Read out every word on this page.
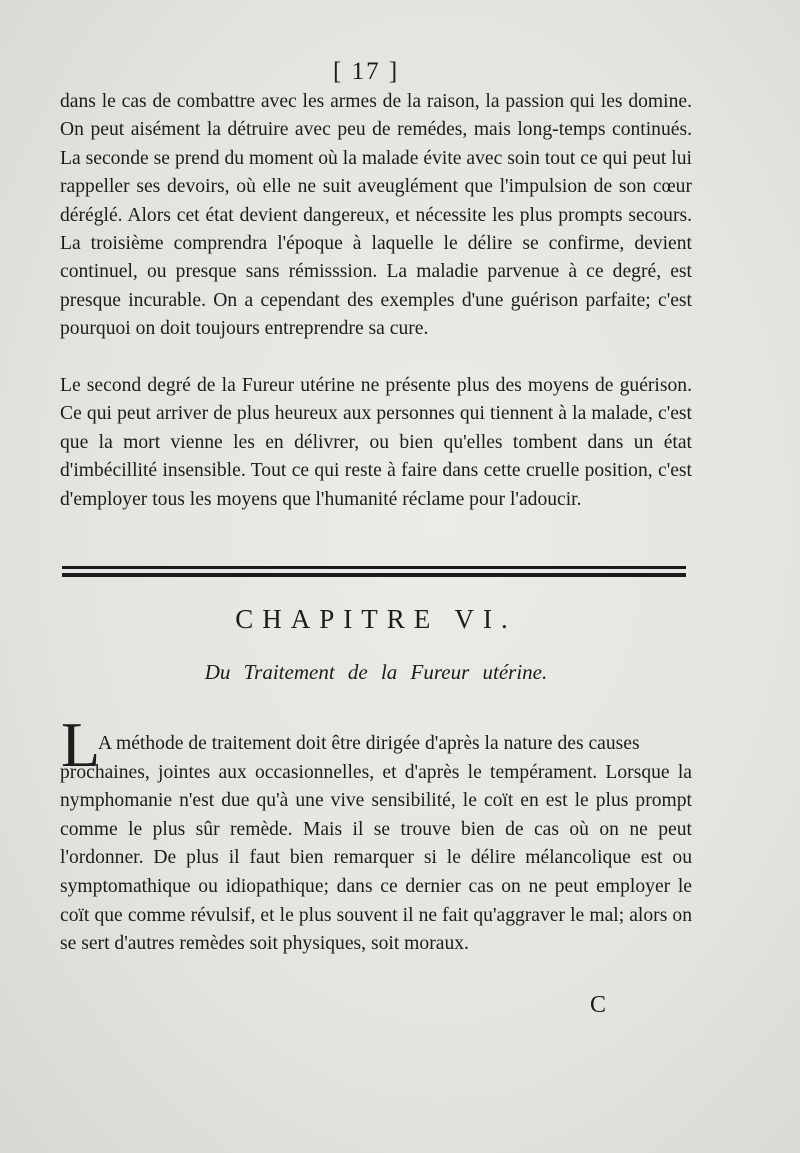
[ 17 ]

dans le cas de combattre avec les armes de la raison, la passion qui les domine. On peut aisément la détruire avec peu de remédes, mais long-temps continués. La seconde se prend du moment où la malade évite avec soin tout ce qui peut lui rappeller ses devoirs, où elle ne suit aveuglément que l'impulsion de son cœur déréglé. Alors cet état devient dangereux, et nécessite les plus prompts secours. La troisième comprendra l'époque à laquelle le délire se confirme, devient continuel, ou presque sans rémisssion. La maladie parvenue à ce degré, est presque incurable. On a cependant des exemples d'une guérison parfaite; c'est pourquoi on doit toujours entreprendre sa cure.

Le second degré de la Fureur utérine ne présente plus des moyens de guérison. Ce qui peut arriver de plus heureux aux personnes qui tiennent à la malade, c'est que la mort vienne les en délivrer, ou bien qu'elles tombent dans un état d'imbécillité insensible. Tout ce qui reste à faire dans cette cruelle position, c'est d'employer tous les moyens que l'humanité réclame pour l'adoucir.

CHAPITRE VI.
Du Traitement de la Fureur utérine.
L
A méthode de traitement doit être dirigée d'après la nature des causes
prochaines, jointes aux occasionnelles, et d'après le tempérament. Lorsque la nymphomanie n'est due qu'à une vive sensibilité, le coït en est le plus prompt comme le plus sûr remède. Mais il se trouve bien de cas où on ne peut l'ordonner. De plus il faut bien remarquer si le délire mélancolique est ou symptomathique ou idiopathique; dans ce dernier cas on ne peut employer le coït que comme révulsif, et le plus souvent il ne fait qu'aggraver le mal; alors on se sert d'autres remèdes soit physiques, soit moraux.
C
